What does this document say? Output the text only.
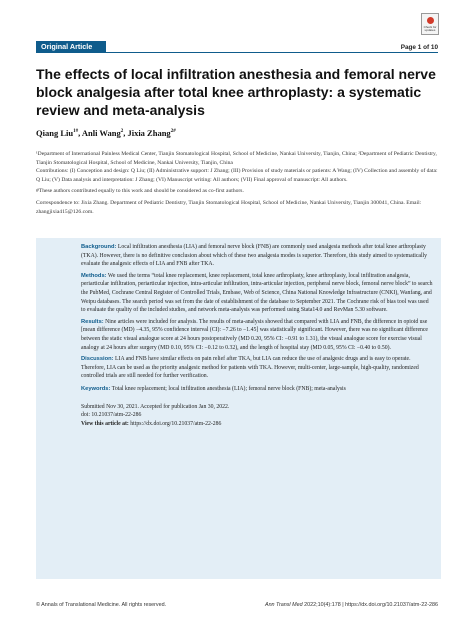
Check for updates
Original Article	Page 1 of 10
The effects of local infiltration anesthesia and femoral nerve block analgesia after total knee arthroplasty: a systematic review and meta-analysis
Qiang Liu$^{1\#}$, Anli Wang$^2$, Jixia Zhang$^{2\#}$

¹Department of International Painless Medical Center, Tianjin Stomatological Hospital, School of Medicine, Nankai University, Tianjin, China; ²Department of Pediatric Dentistry, Tianjin Stomatological Hospital, School of Medicine, Nankai University, Tianjin, China

Contributions: (I) Conception and design: Q Liu; (II) Administrative support: J Zhang; (III) Provision of study materials or patients: A Wang; (IV) Collection and assembly of data: Q Liu; (V) Data analysis and interpretation: J Zhang; (VI) Manuscript writing: All authors; (VII) Final approval of manuscript: All authors.

#These authors contributed equally to this work and should be considered as co-first authors.

Correspondence to: Jixia Zhang. Department of Pediatric Dentistry, Tianjin Stomatological Hospital, School of Medicine, Nankai University, Tianjin 300041, China. Email: zhangjixia415@126.com.

Background: Local infiltration anesthesia (LIA) and femoral nerve block (FNB) are commonly used analgesia methods after total knee arthroplasty (TKA). However, there is no definitive conclusion about which of these two analgesia modes is superior. Therefore, this study aimed to systematically evaluate the analgesic effects of LIA and FNB after TKA.

Methods: We used the terms “total knee replacement, knee replacement, total knee arthroplasty, knee arthroplasty, local infiltration analgesia, periarticular infiltration, periarticular injection, intra-articular infiltration, intra-articular injection, peripheral nerve block, femoral nerve block” to search the PubMed, Cochrane Central Register of Controlled Trials, Embase, Web of Science, China National Knowledge Infrastructure (CNKI), Wanfang, and Weipu databases. The search period was set from the date of establishment of the database to September 2021. The Cochrane risk of bias tool was used to evaluate the quality of the included studies, and network meta-analysis was performed using Stata14.0 and RevMan 5.30 software.

Results: Nine articles were included for analysis. The results of meta-analysis showed that compared with LIA and FNB, the difference in opioid use [mean difference (MD) −4.35, 95% confidence interval (CI): −7.26 to −1.45] was statistically significant. However, there was no significant difference between the static visual analogue score at 24 hours postoperatively (MD 0.20, 95% CI: −0.91 to 1.31), the visual analogue score for exercise visual analogy at 24 hours after surgery (MD 0.10, 95% CI: −0.12 to 0.32), and the length of hospital stay (MD 0.05, 95% CI: −0.40 to 0.50).

Discussion: LIA and FNB have similar effects on pain relief after TKA, but LIA can reduce the use of analgesic drugs and is easy to operate. Therefore, LIA can be used as the priority analgesic method for patients with TKA. However, multi-center, large-sample, high-quality, randomized controlled trials are still needed for further verification.

Keywords: Total knee replacement; local infiltration anesthesia (LIA); femoral nerve block (FNB); meta-analysis

Submitted Nov 30, 2021. Accepted for publication Jan 30, 2022.

doi: 10.21037/atm-22-286

View this article at: https://dx.doi.org/10.21037/atm-22-286

© Annals of Translational Medicine. All rights reserved.	Ann Transl Med 2022;10(4):178 | https://dx.doi.org/10.21037/atm-22-286
